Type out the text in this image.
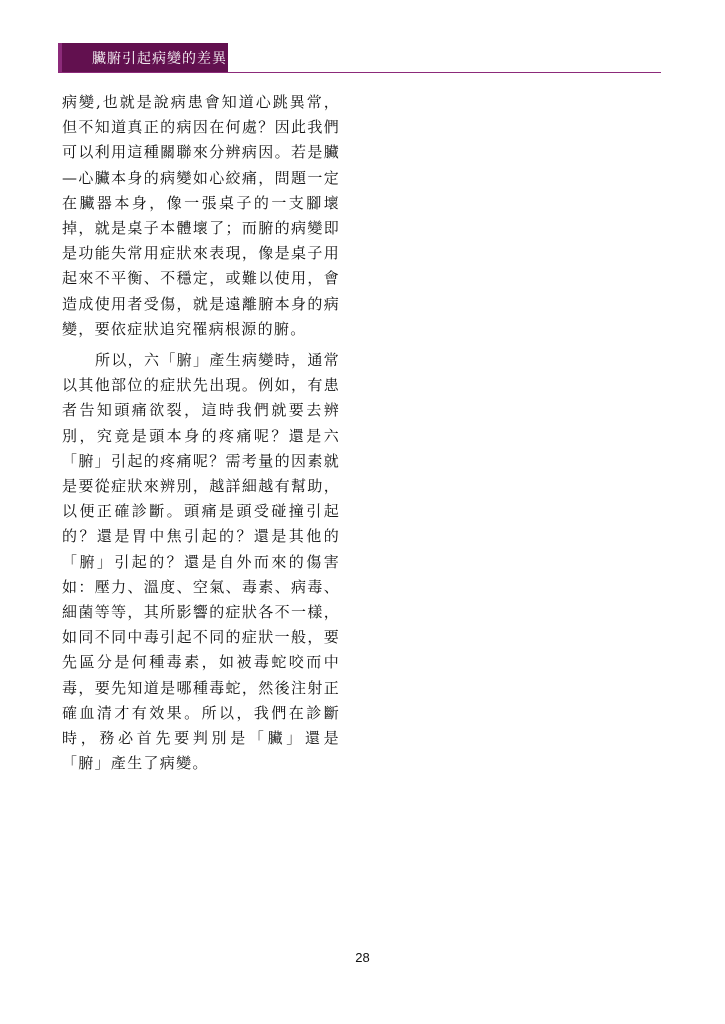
臟腑引起病變的差異

病變,也就是說病患會知道心跳異常，但不知道真正的病因在何處？因此我們可以利用這種關聯來分辨病因。若是臟—心臟本身的病變如心絞痛，問題一定在臟器本身，像一張桌子的一支腳壞掉，就是桌子本體壞了；而腑的病變即是功能失常用症狀來表現，像是桌子用起來不平衡、不穩定，或難以使用，會造成使用者受傷，就是遠離腑本身的病變，要依症狀追究罹病根源的腑。

所以，六「腑」產生病變時，通常以其他部位的症狀先出現。例如，有患者告知頭痛欲裂，這時我們就要去辨別，究竟是頭本身的疼痛呢？還是六「腑」引起的疼痛呢？需考量的因素就是要從症狀來辨別，越詳細越有幫助，以便正確診斷。頭痛是頭受碰撞引起的？還是胃中焦引起的？還是其他的「腑」引起的？還是自外而來的傷害如：壓力、溫度、空氣、毒素、病毒、細菌等等，其所影響的症狀各不一樣，如同不同中毒引起不同的症狀一般，要先區分是何種毒素，如被毒蛇咬而中毒，要先知道是哪種毒蛇，然後注射正確血清才有效果。所以，我們在診斷時，務必首先要判別是「臟」還是「腑」產生了病變。

28
